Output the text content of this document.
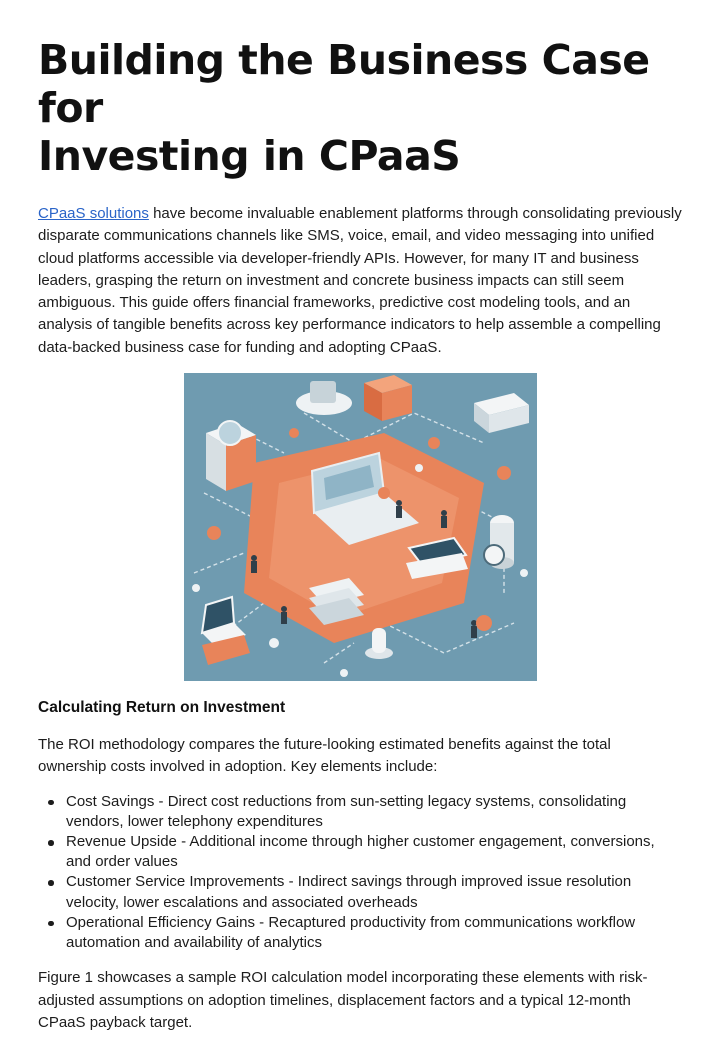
Building the Business Case for
Investing in CPaaS

CPaaS solutions have become invaluable enablement platforms through consolidating previously disparate communications channels like SMS, voice, email, and video messaging into unified cloud platforms accessible via developer-friendly APIs. However, for many IT and business leaders, grasping the return on investment and concrete business impacts can still seem ambiguous. This guide offers financial frameworks, predictive cost modeling tools, and an analysis of tangible benefits across key performance indicators to help assemble a compelling data-backed business case for funding and adopting CPaaS.

Calculating Return on Investment

The ROI methodology compares the future-looking estimated benefits against the total ownership costs involved in adoption. Key elements include:

Cost Savings - Direct cost reductions from sun-setting legacy systems, consolidating vendors, lower telephony expenditures
Revenue Upside - Additional income through higher customer engagement, conversions, and order values
Customer Service Improvements - Indirect savings through improved issue resolution velocity, lower escalations and associated overheads
Operational Efficiency Gains - Recaptured productivity from communications workflow automation and availability of analytics

Figure 1 showcases a sample ROI calculation model incorporating these elements with risk-adjusted assumptions on adoption timelines, displacement factors and a typical 12-month CPaaS payback target.
